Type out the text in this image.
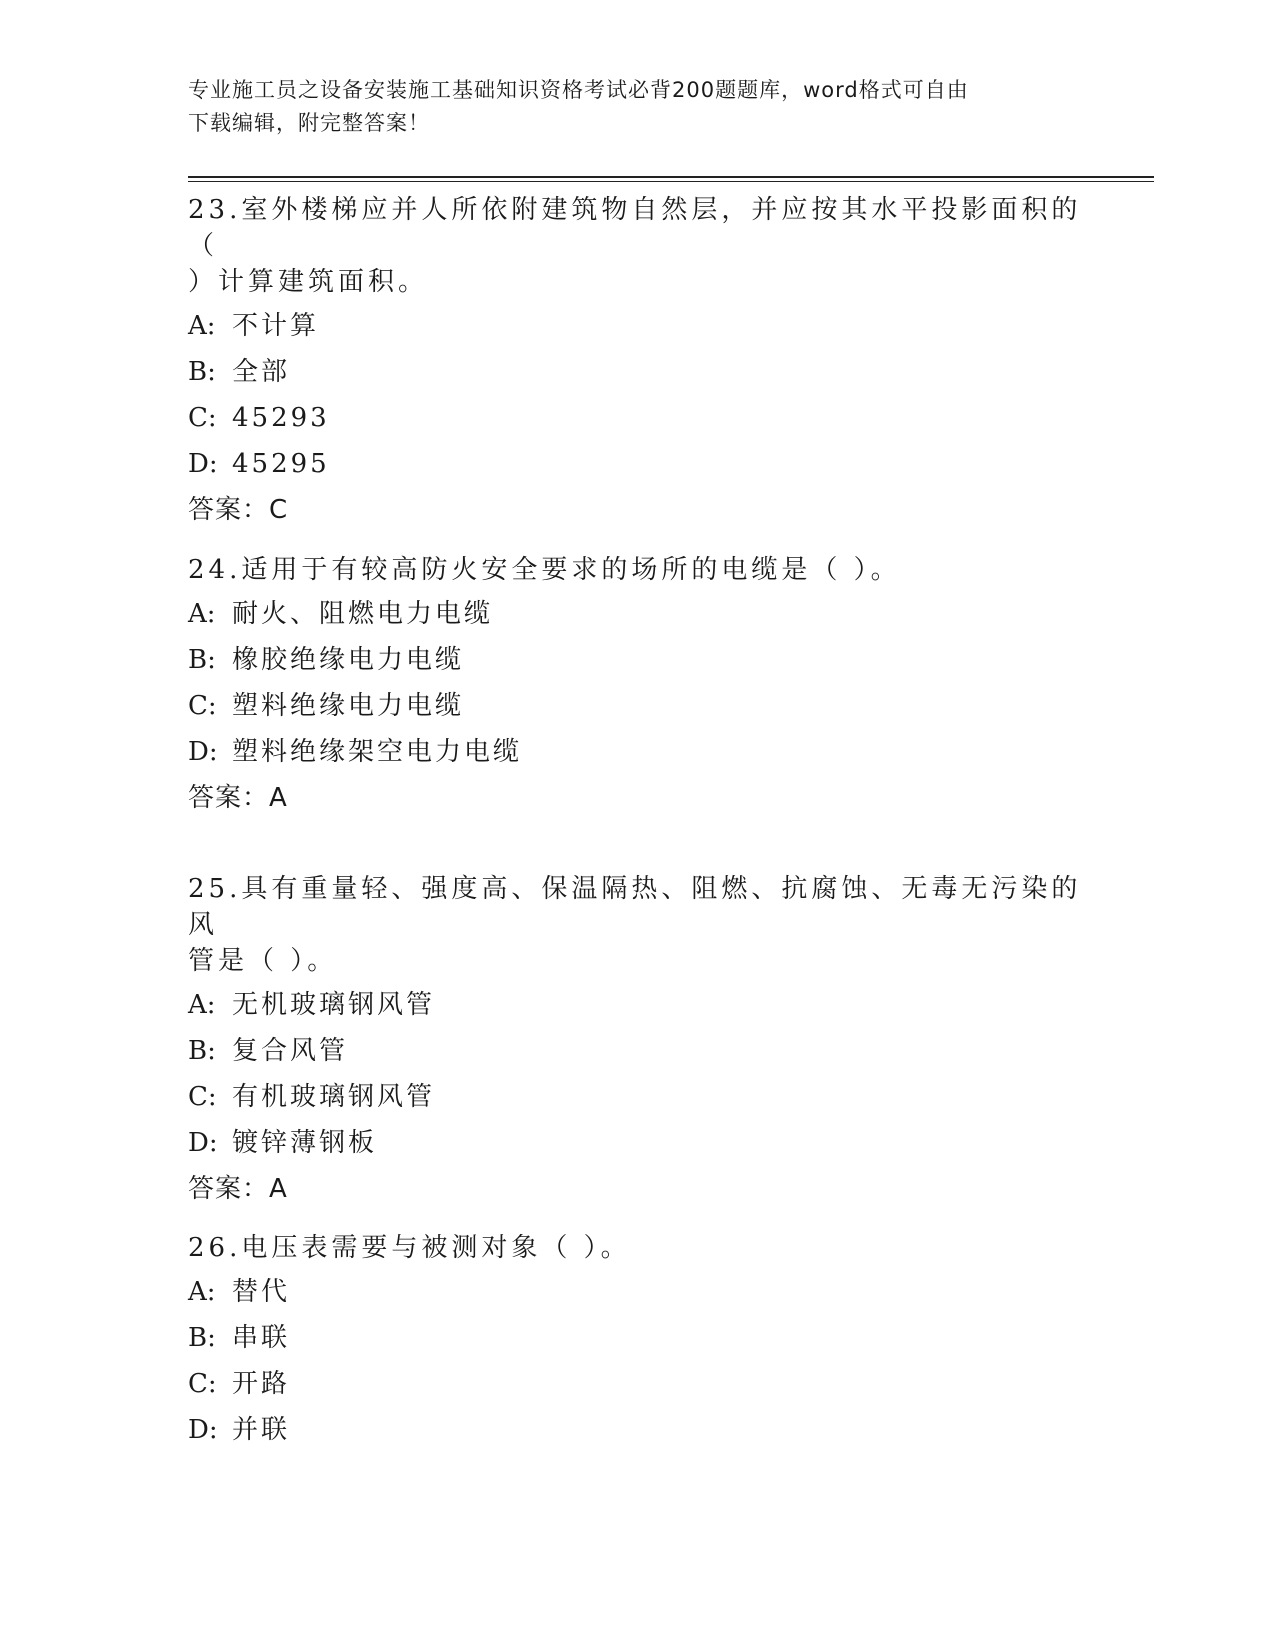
专业施工员之设备安装施工基础知识资格考试必背200题题库，word格式可自由
下载编辑，附完整答案！
23.室外楼梯应并人所依附建筑物自然层，并应按其水平投影面积的（
）计算建筑面积。
A: 不计算
B: 全部
C: 45293
D: 45295
答案：C
24.适用于有较高防火安全要求的场所的电缆是（ ）。
A: 耐火、阻燃电力电缆
B: 橡胶绝缘电力电缆
C: 塑料绝缘电力电缆
D: 塑料绝缘架空电力电缆
答案：A
25.具有重量轻、强度高、保温隔热、阻燃、抗腐蚀、无毒无污染的风
管是（ ）。
A: 无机玻璃钢风管
B: 复合风管
C: 有机玻璃钢风管
D: 镀锌薄钢板
答案：A
26.电压表需要与被测对象（ ）。
A: 替代
B: 串联
C: 开路
D: 并联
